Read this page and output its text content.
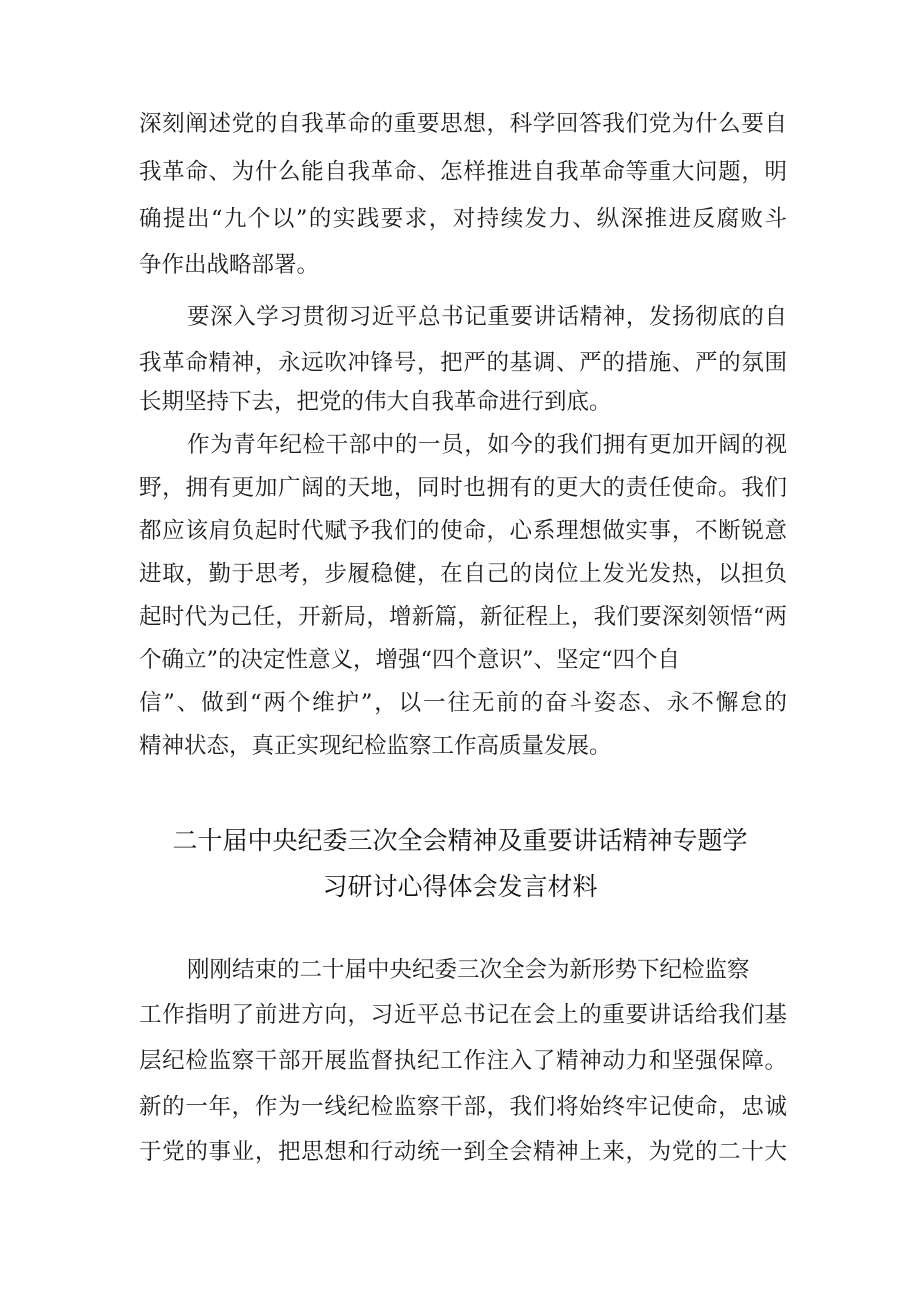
深刻阐述党的自我革命的重要思想，科学回答我们党为什么要自
我革命、为什么能自我革命、怎样推进自我革命等重大问题，明
确提出“九个以”的实践要求，对持续发力、纵深推进反腐败斗
争作出战略部署。
要深入学习贯彻习近平总书记重要讲话精神，发扬彻底的自
我革命精神，永远吹冲锋号，把严的基调、严的措施、严的氛围
长期坚持下去，把党的伟大自我革命进行到底。
作为青年纪检干部中的一员，如今的我们拥有更加开阔的视
野，拥有更加广阔的天地，同时也拥有的更大的责任使命。我们
都应该肩负起时代赋予我们的使命，心系理想做实事，不断锐意
进取，勤于思考，步履稳健，在自己的岗位上发光发热，以担负
起时代为己任，开新局，增新篇，新征程上，我们要深刻领悟“两
个确立”的决定性意义，增强“四个意识”、坚定“四个自
信”、做到“两个维护”，以一往无前的奋斗姿态、永不懈怠的
精神状态，真正实现纪检监察工作高质量发展。
二十届中央纪委三次全会精神及重要讲话精神专题学
习研讨心得体会发言材料
刚刚结束的二十届中央纪委三次全会为新形势下纪检监察
工作指明了前进方向，习近平总书记在会上的重要讲话给我们基
层纪检监察干部开展监督执纪工作注入了精神动力和坚强保障。
新的一年，作为一线纪检监察干部，我们将始终牢记使命，忠诚
于党的事业，把思想和行动统一到全会精神上来，为党的二十大
